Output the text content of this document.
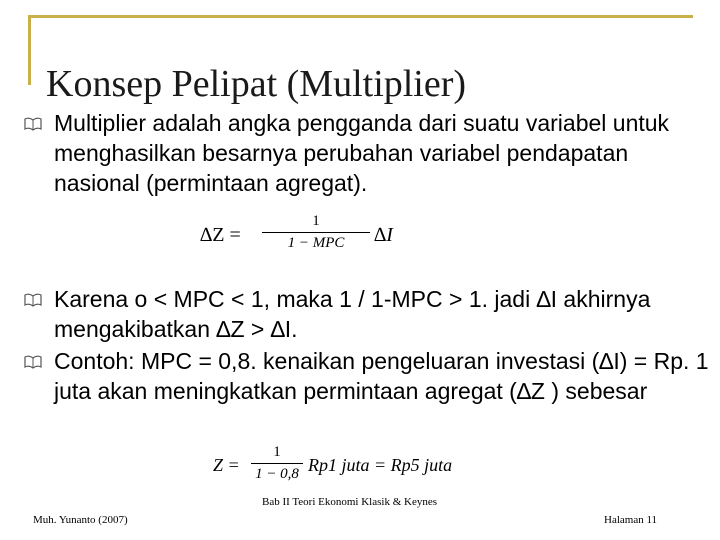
Konsep Pelipat (Multiplier)
Multiplier adalah angka pengganda dari suatu variabel untuk menghasilkan besarnya perubahan variabel pendapatan nasional (permintaan agregat).
∆Z =
1
1 − MPC	∆I
Karena o < MPC < 1, maka 1 / 1-MPC > 1. jadi ∆I akhirnya mengakibatkan ∆Z > ∆I.
Contoh: MPC = 0,8. kenaikan pengeluaran investasi (∆I) = Rp. 1 juta akan meningkatkan permintaan agregat (∆Z ) sebesar
Z =
1
1 − 0,8 Rp1 juta = Rp5 juta
Muh. Yunanto (2007)
Bab II Teori Ekonomi Klasik & Keynes
Halaman 11
